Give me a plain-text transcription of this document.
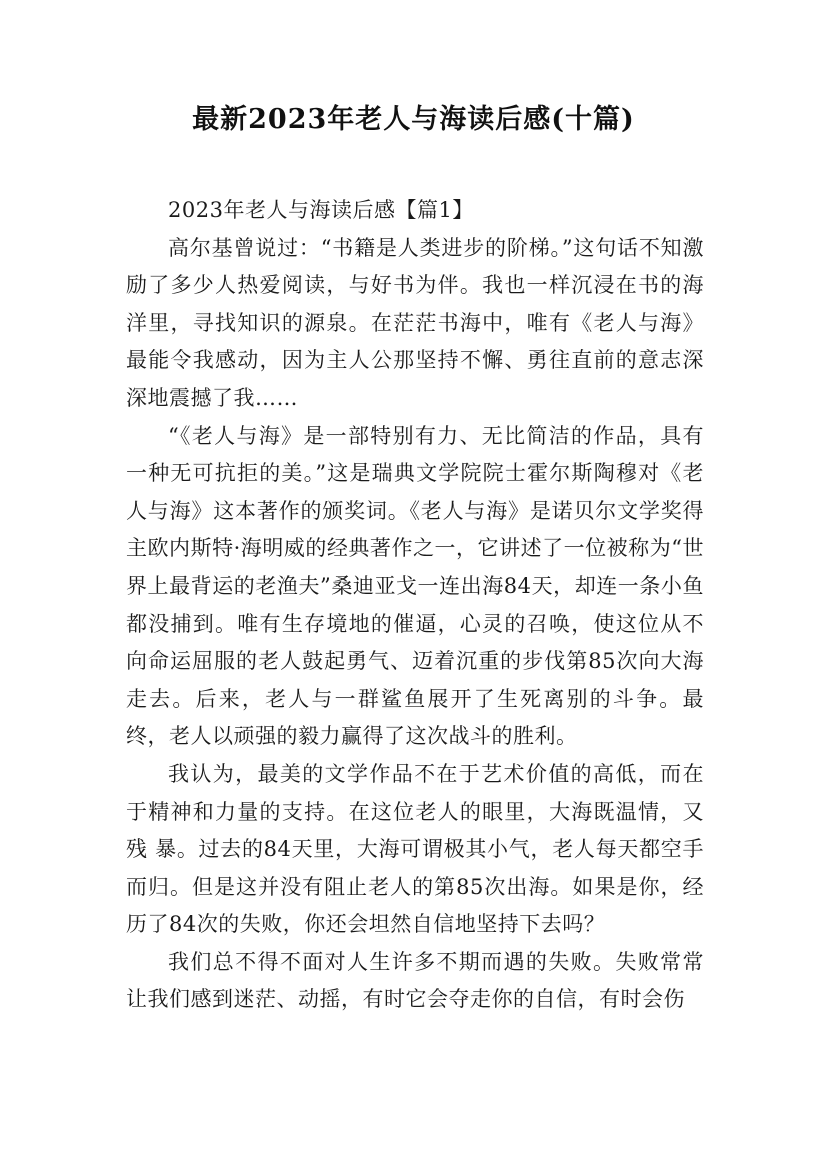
最新2023年老人与海读后感(十篇)

2023年老人与海读后感【篇1】

高尔基曾说过：“书籍是人类进步的阶梯。”这句话不知激励了多少人热爱阅读，与好书为伴。我也一样沉浸在书的海洋里，寻找知识的源泉。在茫茫书海中，唯有《老人与海》最能令我感动，因为主人公那坚持不懈、勇往直前的意志深深地震撼了我……

“《老人与海》是一部特别有力、无比简洁的作品，具有一种无可抗拒的美。”这是瑞典文学院院士霍尔斯陶穆对《老人与海》这本著作的颁奖词。《老人与海》是诺贝尔文学奖得主欧内斯特·海明威的经典著作之一，它讲述了一位被称为“世界上最背运的老渔夫”桑迪亚戈一连出海84天，却连一条小鱼都没捕到。唯有生存境地的催逼，心灵的召唤，使这位从不向命运屈服的老人鼓起勇气、迈着沉重的步伐第85次向大海走去。后来，老人与一群鲨鱼展开了生死离别的斗争。最终，老人以顽强的毅力赢得了这次战斗的胜利。

我认为，最美的文学作品不在于艺术价值的高低，而在于精神和力量的支持。在这位老人的眼里，大海既温情，又残 暴。过去的84天里，大海可谓极其小气，老人每天都空手而归。但是这并没有阻止老人的第85次出海。如果是你，经历了84次的失败，你还会坦然自信地坚持下去吗？

我们总不得不面对人生许多不期而遇的失败。失败常常让我们感到迷茫、动摇，有时它会夺走你的自信，有时会伤
